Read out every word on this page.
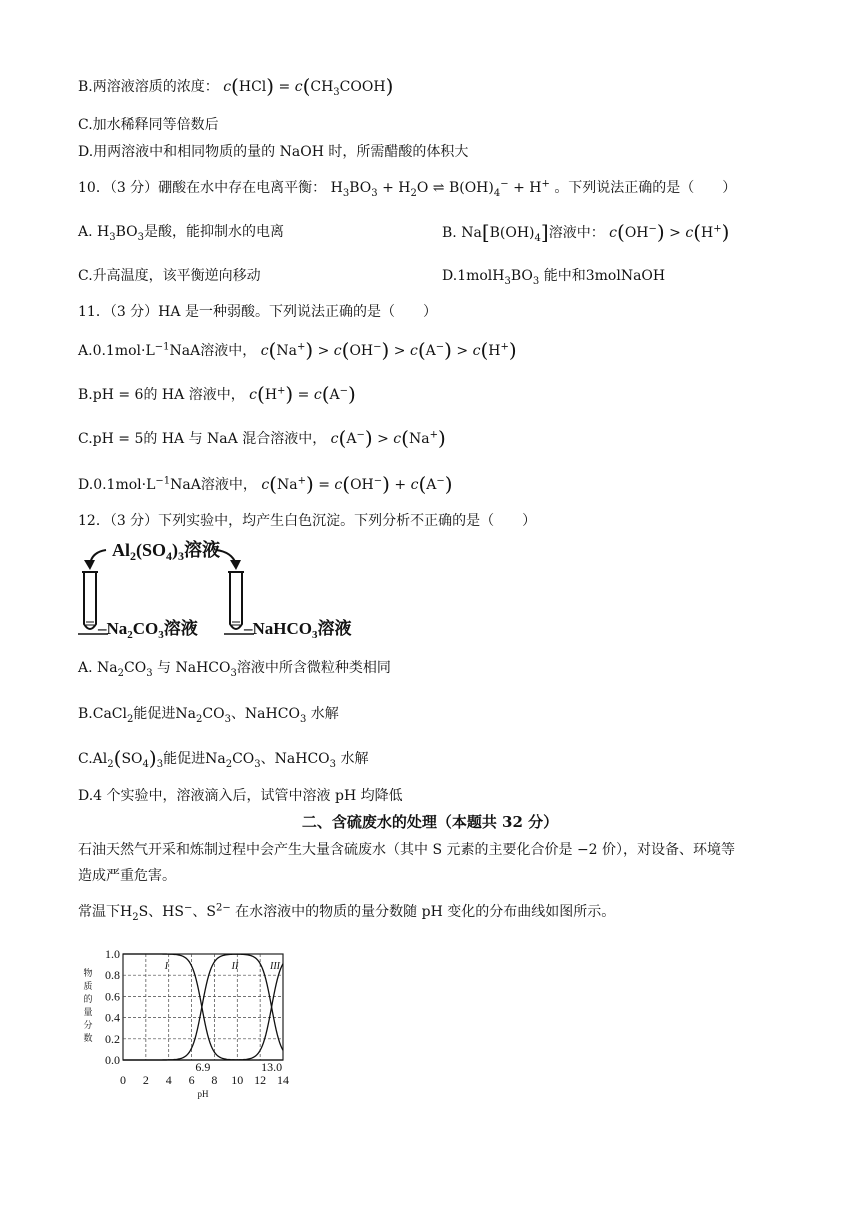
B.两溶液溶质的浓度： $c(HCl) = c(CH_3COOH)$
C.加水稀释同等倍数后
D.用两溶液中和相同物质的量的 NaOH 时，所需醋酸的体积大
10．（3 分）硼酸在水中存在电离平衡： $H_3BO_3 + H_2O$ ⇌ $B(OH)_4^- + H^+$ 。下列说法正确的是（　　）
A. $H_3BO_3$是酸，能抑制水的电离	B. $Na[B(OH)_4]$溶液中： c(OH−) > c(H+)
C.升高温度，该平衡逆向移动	$D.1molH_3BO_3$ 能中和3molNaOH
11．（3 分）HA 是一种弱酸。下列说法正确的是（　　）
$A.0.1mol\cdot L^{-1}NaA$溶液中， c(Na+) > c(OH−) > c(A−) > c(H+)
B.pH = 6的 HA 溶液中， c(H+) = c(A−)
C.pH = 5的 HA 与 NaA 混合溶液中， c(A−) > c(Na+)
$D.0.1mol\cdot L^{-1}NaA$溶液中， c(Na+) = c(OH−) + c(A−)
12．（3 分）下列实验中，均产生白色沉淀。下列分析不正确的是（　　）
$Al_2(SO_4)_3$溶液
$-Na_2CO_3$溶液	–NaHCO$_3$溶液
A. $Na_2CO_3$ 与 NaHCO$_3$溶液中所含微粒种类相同
B.CaCl$_2$能促进$Na_2CO_3$、NaHCO$_3$ 水解
$C.Al_2(SO_4)_3$能促进$Na_2CO_3$、NaHCO$_3$ 水解
D.4 个实验中，溶液滴入后，试管中溶液 pH 均降低
二、含硫废水的处理（本题共 32 分）
石油天然气开采和炼制过程中会产生大量含硫废水（其中 S 元素的主要化合价是 −2 价），对设备、环境等
造成严重危害。
常温下$H_2S$、HS−、$S^{2-}$ 在水溶液中的物质的量分数随 pH 变化的分布曲线如图所示。
0.0
0.2
0.4
0.6
0.8
1.0
0 2 4 6 8 10 12 14
pH
物
质
的
量
分
数
6.9	13.0
I	II	III
